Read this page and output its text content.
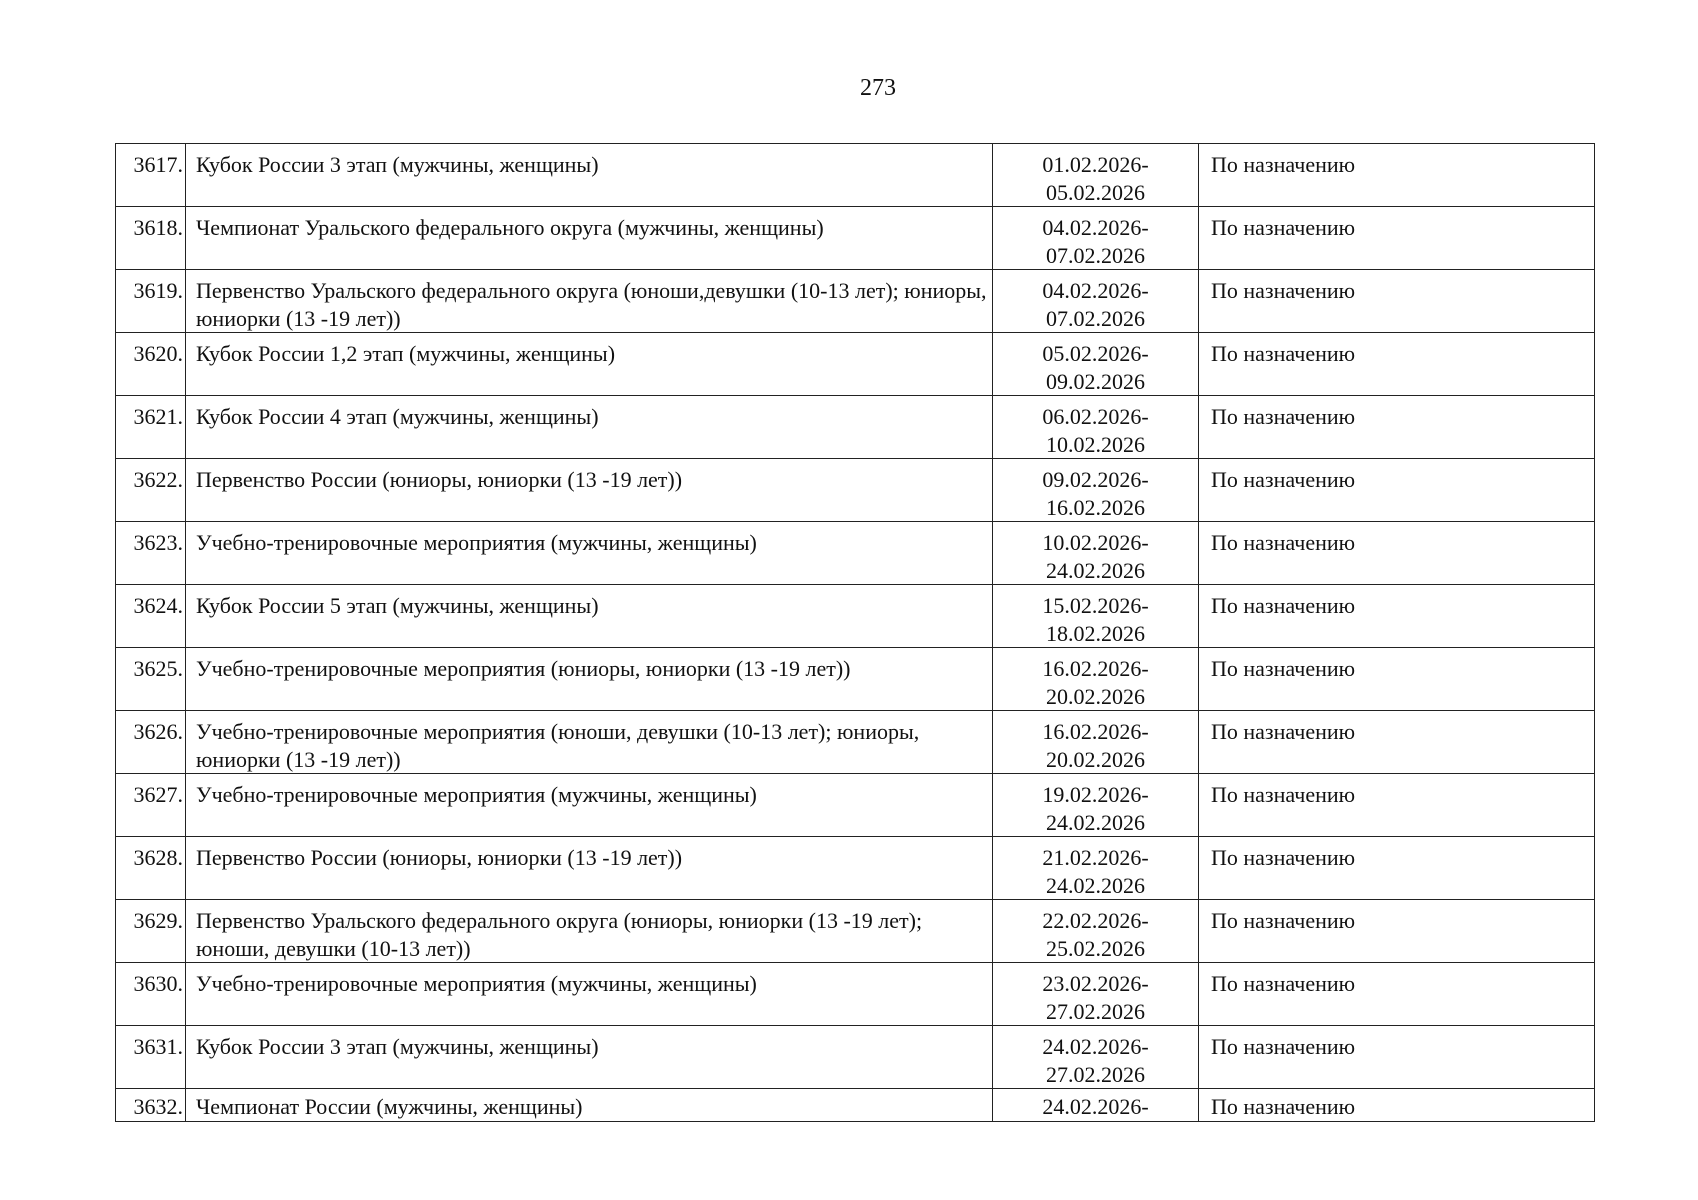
273
3617.	Кубок России 3 этап (мужчины, женщины)	01.02.2026-
05.02.2026	По назначению
3618.	Чемпионат Уральского федерального округа (мужчины, женщины)	04.02.2026-
07.02.2026	По назначению
3619.	Первенство Уральского федерального округа (юноши,девушки (10-13 лет); юниоры, юниорки (13 -19 лет))	04.02.2026-
07.02.2026	По назначению
3620.	Кубок России 1,2 этап (мужчины, женщины)	05.02.2026-
09.02.2026	По назначению
3621.	Кубок России 4 этап (мужчины, женщины)	06.02.2026-
10.02.2026	По назначению
3622.	Первенство России (юниоры, юниорки (13 -19 лет))	09.02.2026-
16.02.2026	По назначению
3623.	Учебно-тренировочные мероприятия (мужчины, женщины)	10.02.2026-
24.02.2026	По назначению
3624.	Кубок России 5 этап (мужчины, женщины)	15.02.2026-
18.02.2026	По назначению
3625.	Учебно-тренировочные мероприятия (юниоры, юниорки (13 -19 лет))	16.02.2026-
20.02.2026	По назначению
3626.	Учебно-тренировочные мероприятия (юноши, девушки (10-13 лет); юниоры, юниорки (13 -19 лет))	16.02.2026-
20.02.2026	По назначению
3627.	Учебно-тренировочные мероприятия (мужчины, женщины)	19.02.2026-
24.02.2026	По назначению
3628.	Первенство России (юниоры, юниорки (13 -19 лет))	21.02.2026-
24.02.2026	По назначению
3629.	Первенство Уральского федерального округа (юниоры, юниорки (13 -19 лет); юноши, девушки (10-13 лет))	22.02.2026-
25.02.2026	По назначению
3630.	Учебно-тренировочные мероприятия (мужчины, женщины)	23.02.2026-
27.02.2026	По назначению
3631.	Кубок России 3 этап (мужчины, женщины)	24.02.2026-
27.02.2026	По назначению
3632.	Чемпионат России (мужчины, женщины)	24.02.2026-	По назначению
